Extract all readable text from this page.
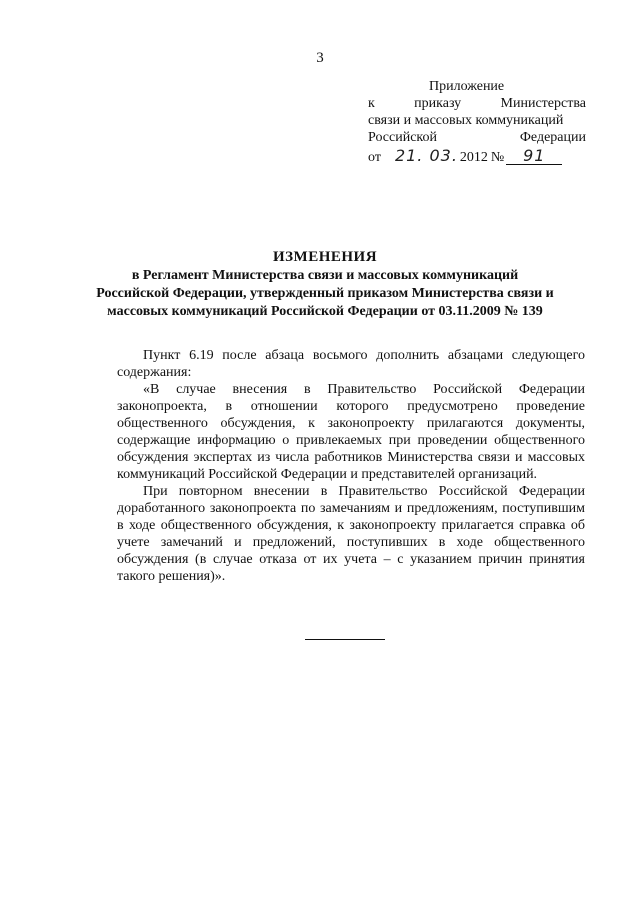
3
Приложение
к	приказу	Министерства
связи и массовых коммуникаций
Российской	Федерации
от 21. 03. 2012 №	91
ИЗМЕНЕНИЯ
в Регламент Министерства связи и массовых коммуникаций
Российской Федерации, утвержденный приказом Министерства связи и
массовых коммуникаций Российской Федерации от 03.11.2009 № 139

Пункт 6.19 после абзаца восьмого дополнить абзацами следующего содержания:

«В случае внесения в Правительство Российской Федерации законопроекта, в отношении которого предусмотрено проведение общественного обсуждения, к законопроекту прилагаются документы, содержащие информацию о привлекаемых при проведении общественного обсуждения экспертах из числа работников Министерства связи и массовых коммуникаций Российской Федерации и представителей организаций.

При повторном внесении в Правительство Российской Федерации доработанного законопроекта по замечаниям и предложениям, поступившим в ходе общественного обсуждения, к законопроекту прилагается справка об учете замечаний и предложений, поступивших в ходе общественного обсуждения (в случае отказа от их учета – с указанием причин принятия такого решения)».
